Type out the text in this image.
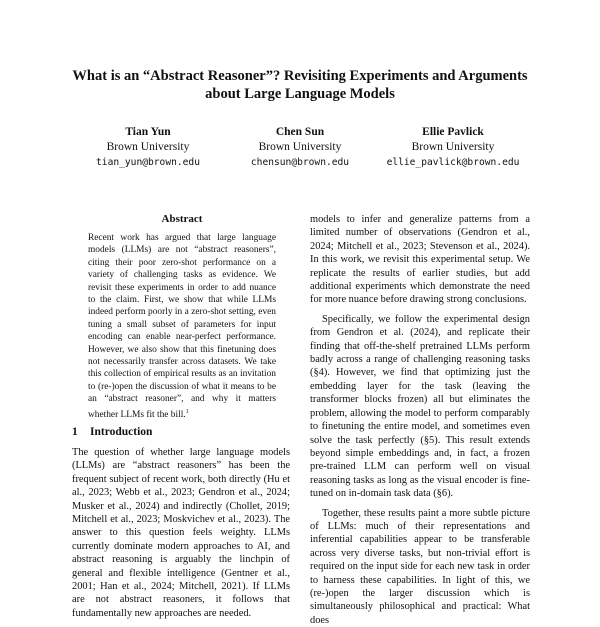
What is an “Abstract Reasoner”? Revisiting Experiments and Arguments about Large Language Models
Tian Yun
Brown University
tian_yun@brown.edu
Chen Sun
Brown University
chensun@brown.edu
Ellie Pavlick
Brown University
ellie_pavlick@brown.edu
Abstract

Recent work has argued that large language models (LLMs) are not “abstract reasoners”, citing their poor zero-shot performance on a variety of challenging tasks as evidence. We revisit these experiments in order to add nuance to the claim. First, we show that while LLMs indeed perform poorly in a zero-shot setting, even tuning a small subset of parameters for input encoding can enable near-perfect performance. However, we also show that this finetuning does not necessarily transfer across datasets. We take this collection of empirical results as an invitation to (re-)open the discussion of what it means to be an “abstract reasoner”, and why it matters whether LLMs fit the bill.$^1$

1 Introduction

The question of whether large language models (LLMs) are “abstract reasoners” has been the frequent subject of recent work, both directly (Hu et al., 2023; Webb et al., 2023; Gendron et al., 2024; Musker et al., 2024) and indirectly (Chollet, 2019; Mitchell et al., 2023; Moskvichev et al., 2023). The answer to this question feels weighty. LLMs currently dominate modern approaches to AI, and abstract reasoning is arguably the linchpin of general and flexible intelligence (Gentner et al., 2001; Han et al., 2024; Mitchell, 2021). If LLMs are not abstract reasoners, it follows that fundamentally new approaches are needed.

models to infer and generalize patterns from a limited number of observations (Gendron et al., 2024; Mitchell et al., 2023; Stevenson et al., 2024). In this work, we revisit this experimental setup. We replicate the results of earlier studies, but add additional experiments which demonstrate the need for more nuance before drawing strong conclusions.

Specifically, we follow the experimental design from Gendron et al. (2024), and replicate their finding that off-the-shelf pretrained LLMs perform badly across a range of challenging reasoning tasks (§4). However, we find that optimizing just the embedding layer for the task (leaving the transformer blocks frozen) all but eliminates the problem, allowing the model to perform comparably to finetuning the entire model, and sometimes even solve the task perfectly (§5). This result extends beyond simple embeddings and, in fact, a frozen pre-trained LLM can perform well on visual reasoning tasks as long as the visual encoder is fine-tuned on in-domain task data (§6).

Together, these results paint a more subtle picture of LLMs: much of their representations and inferential capabilities appear to be transferable across very diverse tasks, but non-trivial effort is required on the input side for each new task in order to harness these capabilities. In light of this, we (re-)open the larger discussion which is simultaneously philosophical and practical: What does
